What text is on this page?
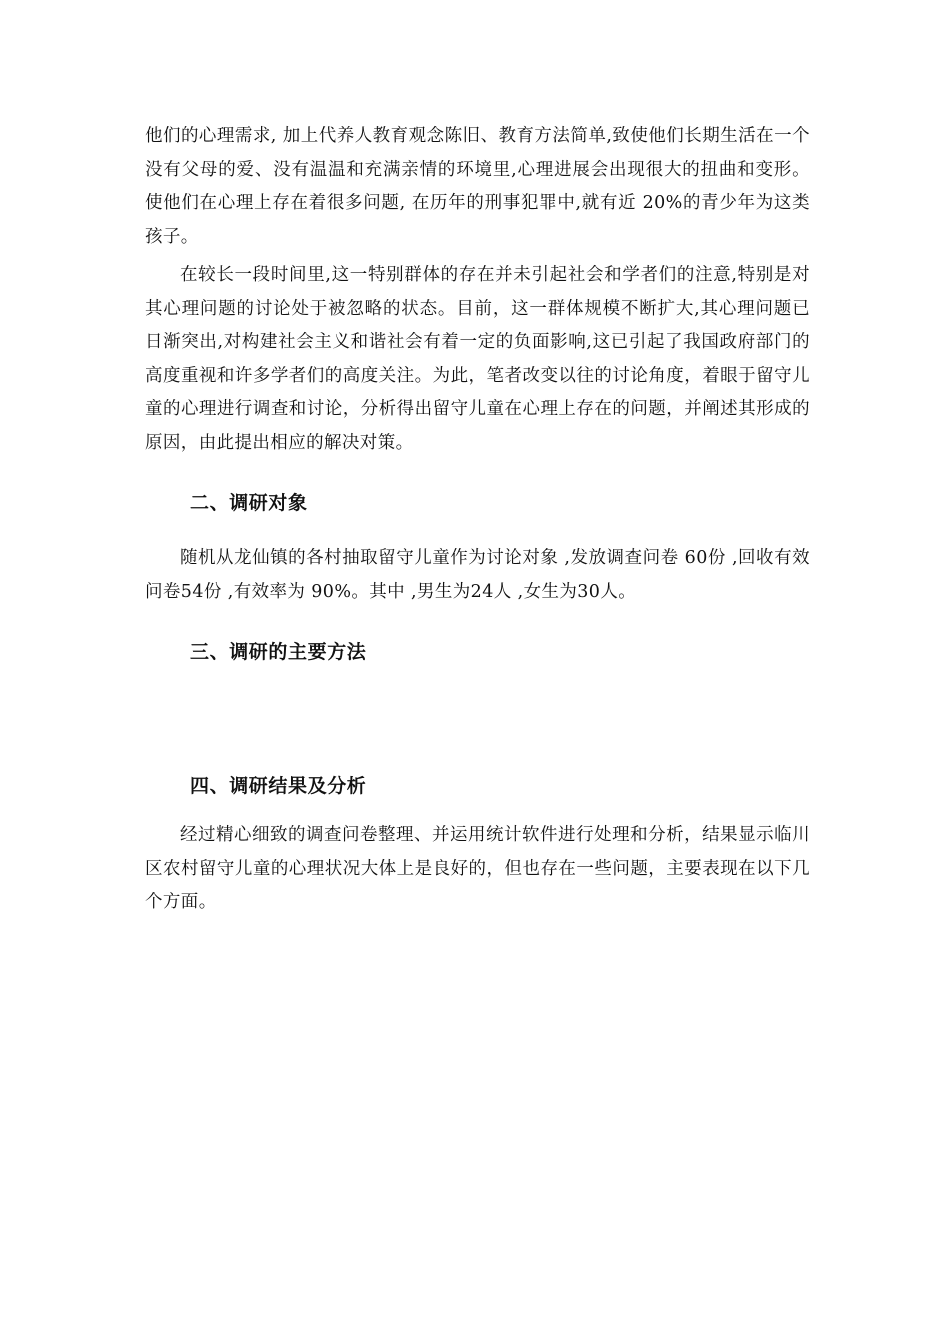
他们的心理需求, 加上代养人教育观念陈旧、教育方法简单,致使他们长期生活在一个没有父母的爱、没有温温和充满亲情的环境里,心理进展会出现很大的扭曲和变形。使他们在心理上存在着很多问题, 在历年的刑事犯罪中,就有近 20%的青少年为这类孩子。

在较长一段时间里,这一特别群体的存在并未引起社会和学者们的注意,特别是对其心理问题的讨论处于被忽略的状态。目前，这一群体规模不断扩大,其心理问题已日渐突出,对构建社会主义和谐社会有着一定的负面影响,这已引起了我国政府部门的高度重视和许多学者们的高度关注。为此，笔者改变以往的讨论角度，着眼于留守儿童的心理进行调查和讨论，分析得出留守儿童在心理上存在的问题，并阐述其形成的原因，由此提出相应的解决对策。

二、调研对象

随机从龙仙镇的各村抽取留守儿童作为讨论对象 ,发放调查问卷 60份 ,回收有效问卷54份 ,有效率为 90%。其中 ,男生为24人 ,女生为30人。

三、调研的主要方法
四、调研结果及分析

经过精心细致的调查问卷整理、并运用统计软件进行处理和分析，结果显示临川区农村留守儿童的心理状况大体上是良好的，但也存在一些问题，主要表现在以下几个方面。
